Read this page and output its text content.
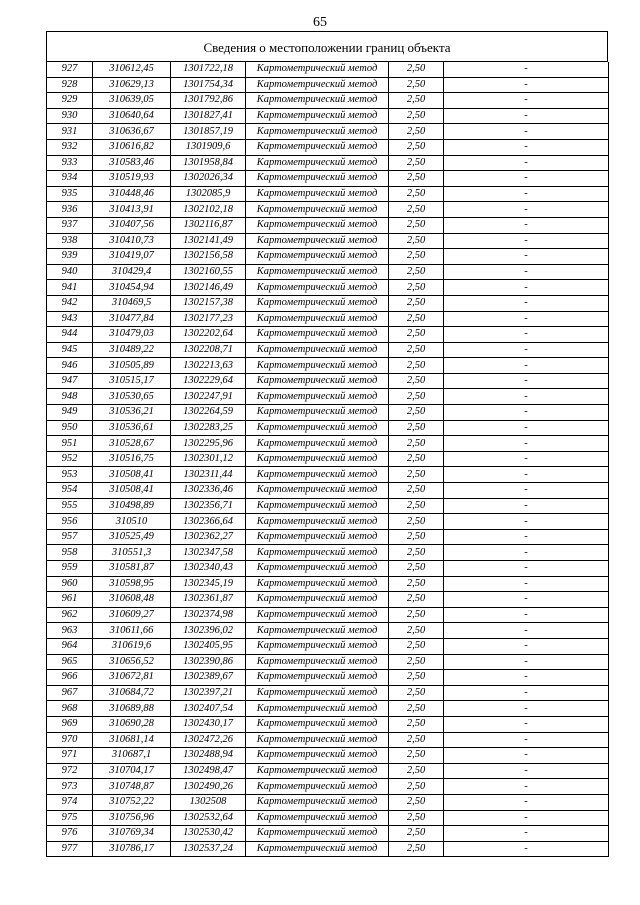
65
Сведения о местоположении границ объекта
927	310612,45	1301722,18	Картометрический метод	2,50	-
928	310629,13	1301754,34	Картометрический метод	2,50	-
929	310639,05	1301792,86	Картометрический метод	2,50	-
930	310640,64	1301827,41	Картометрический метод	2,50	-
931	310636,67	1301857,19	Картометрический метод	2,50	-
932	310616,82	1301909,6	Картометрический метод	2,50	-
933	310583,46	1301958,84	Картометрический метод	2,50	-
934	310519,93	1302026,34	Картометрический метод	2,50	-
935	310448,46	1302085,9	Картометрический метод	2,50	-
936	310413,91	1302102,18	Картометрический метод	2,50	-
937	310407,56	1302116,87	Картометрический метод	2,50	-
938	310410,73	1302141,49	Картометрический метод	2,50	-
939	310419,07	1302156,58	Картометрический метод	2,50	-
940	310429,4	1302160,55	Картометрический метод	2,50	-
941	310454,94	1302146,49	Картометрический метод	2,50	-
942	310469,5	1302157,38	Картометрический метод	2,50	-
943	310477,84	1302177,23	Картометрический метод	2,50	-
944	310479,03	1302202,64	Картометрический метод	2,50	-
945	310489,22	1302208,71	Картометрический метод	2,50	-
946	310505,89	1302213,63	Картометрический метод	2,50	-
947	310515,17	1302229,64	Картометрический метод	2,50	-
948	310530,65	1302247,91	Картометрический метод	2,50	-
949	310536,21	1302264,59	Картометрический метод	2,50	-
950	310536,61	1302283,25	Картометрический метод	2,50	-
951	310528,67	1302295,96	Картометрический метод	2,50	-
952	310516,75	1302301,12	Картометрический метод	2,50	-
953	310508,41	1302311,44	Картометрический метод	2,50	-
954	310508,41	1302336,46	Картометрический метод	2,50	-
955	310498,89	1302356,71	Картометрический метод	2,50	-
956	310510	1302366,64	Картометрический метод	2,50	-
957	310525,49	1302362,27	Картометрический метод	2,50	-
958	310551,3	1302347,58	Картометрический метод	2,50	-
959	310581,87	1302340,43	Картометрический метод	2,50	-
960	310598,95	1302345,19	Картометрический метод	2,50	-
961	310608,48	1302361,87	Картометрический метод	2,50	-
962	310609,27	1302374,98	Картометрический метод	2,50	-
963	310611,66	1302396,02	Картометрический метод	2,50	-
964	310619,6	1302405,95	Картометрический метод	2,50	-
965	310656,52	1302390,86	Картометрический метод	2,50	-
966	310672,81	1302389,67	Картометрический метод	2,50	-
967	310684,72	1302397,21	Картометрический метод	2,50	-
968	310689,88	1302407,54	Картометрический метод	2,50	-
969	310690,28	1302430,17	Картометрический метод	2,50	-
970	310681,14	1302472,26	Картометрический метод	2,50	-
971	310687,1	1302488,94	Картометрический метод	2,50	-
972	310704,17	1302498,47	Картометрический метод	2,50	-
973	310748,87	1302490,26	Картометрический метод	2,50	-
974	310752,22	1302508	Картометрический метод	2,50	-
975	310756,96	1302532,64	Картометрический метод	2,50	-
976	310769,34	1302530,42	Картометрический метод	2,50	-
977	310786,17	1302537,24	Картометрический метод	2,50	-
